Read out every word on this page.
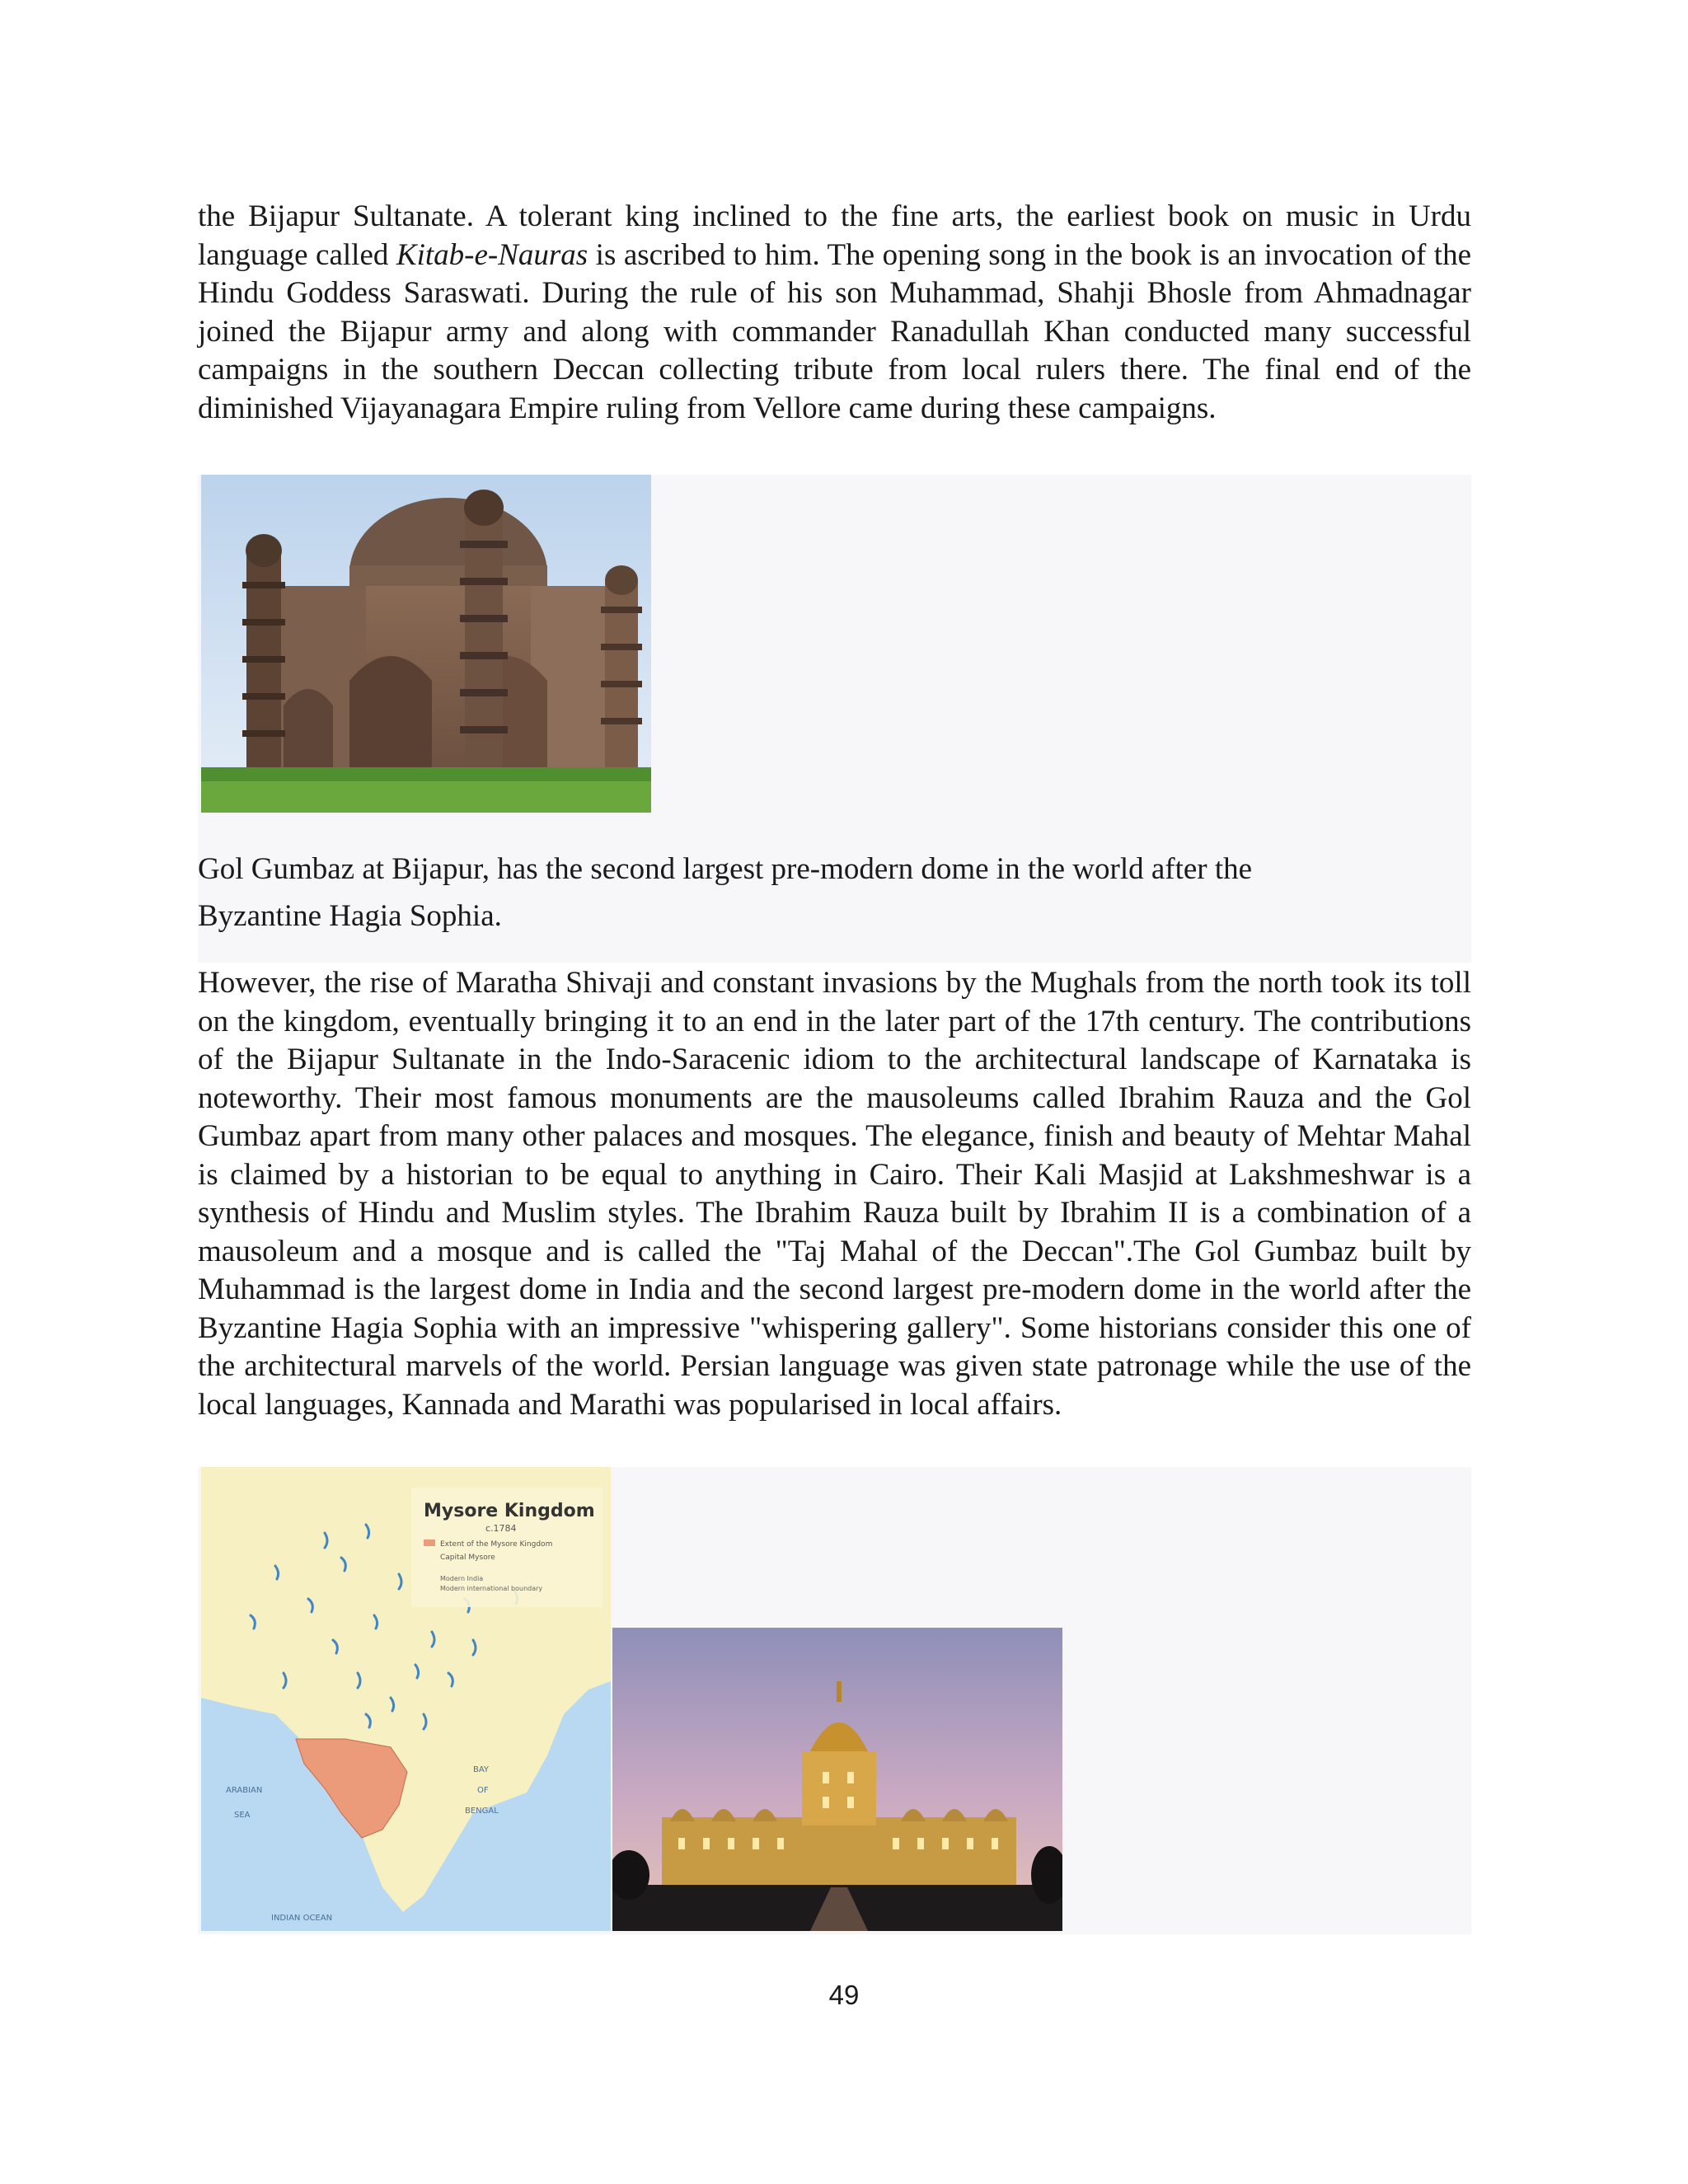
the Bijapur Sultanate. A tolerant king inclined to the fine arts, the earliest book on music in Urdu language called Kitab-e-Nauras is ascribed to him. The opening song in the book is an invocation of the Hindu Goddess Saraswati. During the rule of his son Muhammad, Shahji Bhosle from Ahmadnagar joined the Bijapur army and along with commander Ranadullah Khan conducted many successful campaigns in the southern Deccan collecting tribute from local rulers there. The final end of the diminished Vijayanagara Empire ruling from Vellore came during these campaigns.

Gol Gumbaz at Bijapur, has the second largest pre-modern dome in the world after the
Byzantine Hagia Sophia.

However, the rise of Maratha Shivaji and constant invasions by the Mughals from the north took its toll on the kingdom, eventually bringing it to an end in the later part of the 17th century. The contributions of the Bijapur Sultanate in the Indo-Saracenic idiom to the architectural landscape of Karnataka is noteworthy. Their most famous monuments are the mausoleums called Ibrahim Rauza and the Gol Gumbaz apart from many other palaces and mosques. The elegance, finish and beauty of Mehtar Mahal is claimed by a historian to be equal to anything in Cairo. Their Kali Masjid at Lakshmeshwar is a synthesis of Hindu and Muslim styles. The Ibrahim Rauza built by Ibrahim II is a combination of a mausoleum and a mosque and is called the "Taj Mahal of the Deccan".The Gol Gumbaz built by Muhammad is the largest dome in India and the second largest pre-modern dome in the world after the Byzantine Hagia Sophia with an impressive "whispering gallery". Some historians consider this one of the architectural marvels of the world. Persian language was given state patronage while the use of the local languages, Kannada and Marathi was popularised in local affairs.

Mysore Kingdom
c.1784
Extent of the Mysore Kingdom
Capital Mysore
Modern India
Modern international boundary
ARABIAN
SEA
BAY
OF
BENGAL
INDIAN OCEAN
49
